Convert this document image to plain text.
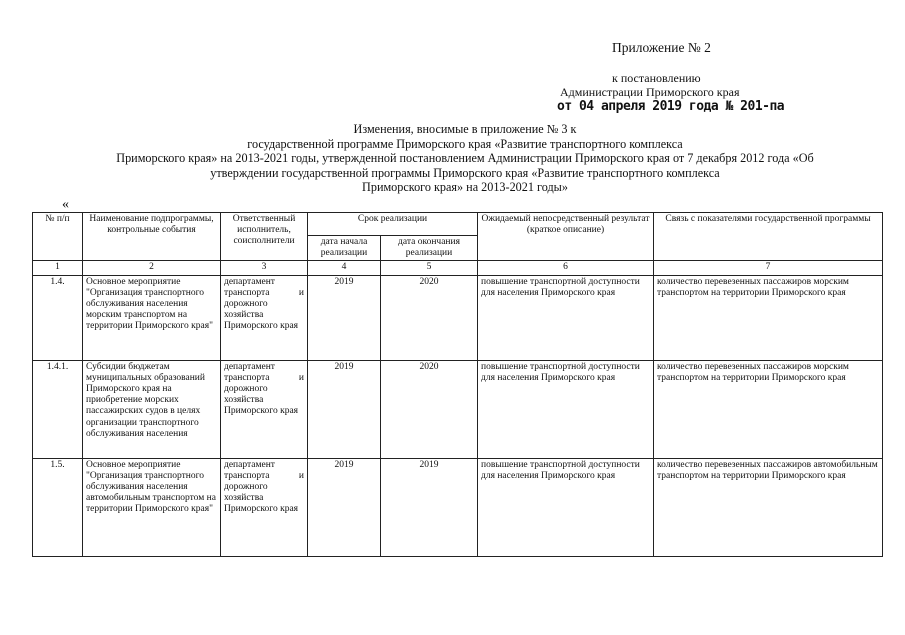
Приложение № 2
к постановлению
Администрации Приморского края
от 04 апреля 2019 года № 201-па
Изменения, вносимые в приложение № 3 к
государственной программе Приморского края «Развитие транспортного комплекса
Приморского края» на 2013-2021 годы, утвержденной постановлением Администрации Приморского края от 7 декабря 2012 года «Об
утверждении государственной программы Приморского края «Развитие транспортного комплекса
Приморского края» на 2013-2021 годы»
«
№ п/п	Наименование подпрограммы, контрольные события	Ответственный исполнитель, соисполнители	Срок реализации		Ожидаемый непосредственный результат (краткое описание)	Связь с показателями государственной программы
			дата начала реализации	дата окончания реализации		
1	2	3	4	5	6	7
1.4.	Основное мероприятие "Организация транспортного обслуживания населения морским транспортом на территории Приморского края"	департамент транспорта и дорожного хозяйства Приморского края	2019	2020	повышение транспортной доступности для населения Приморского края	количество перевезенных пассажиров морским транспортом на территории Приморского края
1.4.1.	Субсидии бюджетам муниципальных образований Приморского края на приобретение морских пассажирских судов в целях организации транспортного обслуживания населения	департамент транспорта и дорожного хозяйства Приморского края	2019	2020	повышение транспортной доступности для населения Приморского края	количество перевезенных пассажиров морским транспортом на территории Приморского края
1.5.	Основное мероприятие "Организация транспортного обслуживания населения автомобильным транспортом на территории Приморского края"	департамент транспорта и дорожного хозяйства Приморского края	2019	2019	повышение транспортной доступности для населения Приморского края	количество перевезенных пассажиров автомобильным транспортом на территории Приморского края
